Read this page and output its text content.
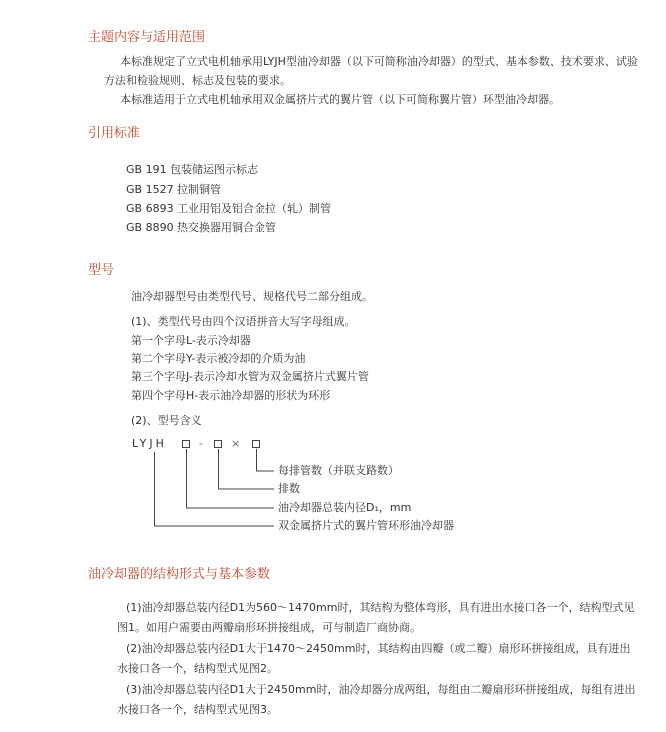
主题内容与适用范围
本标准规定了立式电机轴承用LYJH型油冷却器（以下可简称油冷却器）的型式、基本参数、技术要求、试验
方法和检验规则、标志及包装的要求。
本标准适用于立式电机轴承用双金属挤片式的翼片管（以下可简称翼片管）环型油冷却器。
引用标准
GB 191 包装储运图示标志
GB 1527 拉制铜管
GB 6893 工业用铝及铝合金拉（轧）制管
GB 8890 热交换器用铜合金管
型号
油冷却器型号由类型代号、规格代号二部分组成。
(1)、类型代号由四个汉语拼音大写字母组成。
第一个字母L-表示冷却器
第二个字母Y-表示被冷却的介质为油
第三个字母J-表示冷却水管为双金属挤片式翼片管
第四个字母H-表示油冷却器的形状为环形
(2)、型号含义
LYJH	-	×
每排管数（并联支路数）
排数
油冷却器总装内径D₁，mm
双金属挤片式的翼片管环形油冷却器
油冷却器的结构形式与基本参数
(1)油冷却器总装内径D1为560～1470mm时，其结构为整体弯形，具有进出水接口各一个，结构型式见图1。如用户需要由两瓣扇形环拼接组成，可与制造厂商协商。
(2)油冷却器总装内径D1大于1470～2450mm时，其结构由四瓣（或二瓣）扇形环拼接组成，具有进出水接口各一个，结构型式见图2。
(3)油冷却器总装内径D1大于2450mm时，油冷却器分成两组，每组由二瓣扇形环拼接组成，每组有进出水接口各一个，结构型式见图3。
